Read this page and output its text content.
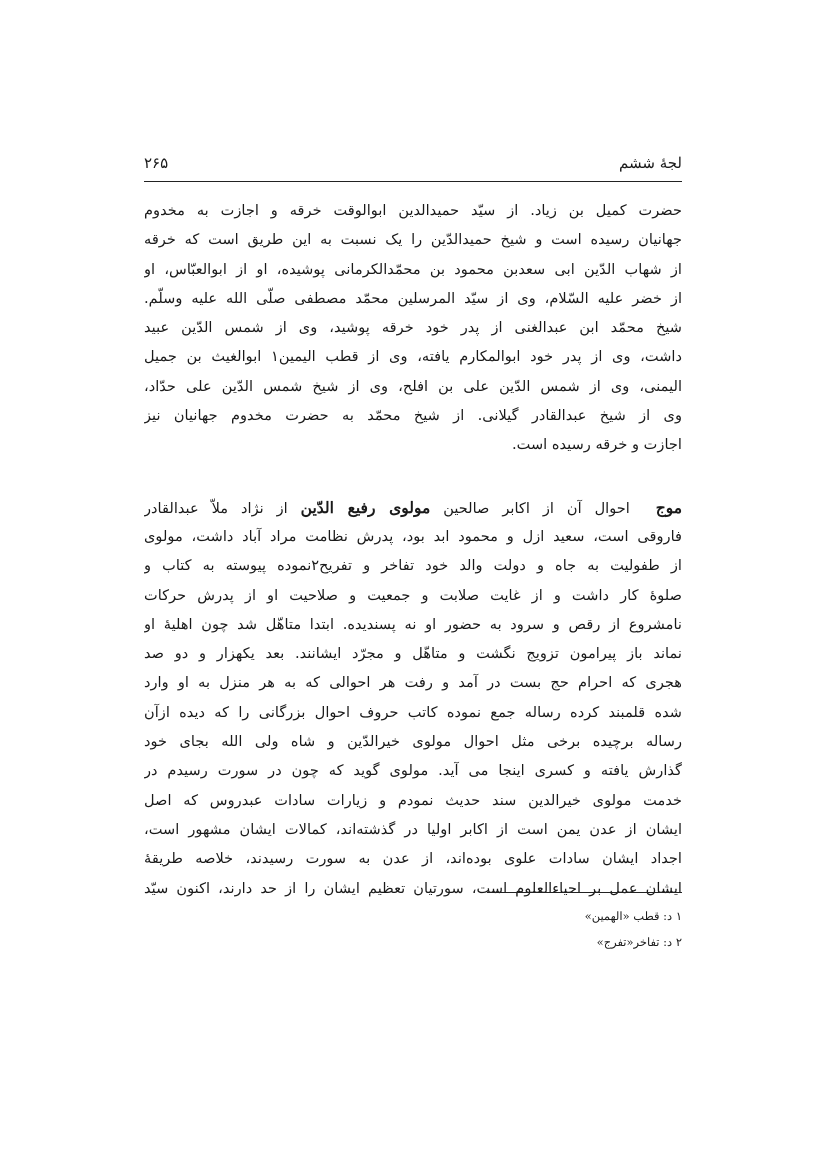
لجۀ ششم
۲۶۵
حضرت کمیل بن زیاد. از سیّد حمیدالدین ابوالوقت خرقه و اجازت به مخدوم
جهانیان رسیده است و شیخ حمیدالدّین را یک نسبت به این طریق است که خرقه
از شهاب الدّین ابی سعدبن محمود بن محمّدالکرمانی پوشیده، او از ابوالعبّاس، او
از خضر علیه السّلام، وی از سیّد المرسلین محمّد مصطفی صلّی الله علیه وسلّم.
شیخ محمّد ابن عبدالغنی از پدر خود خرقه پوشید، وی از شمس الدّین عبید
داشت، وی از پدر خود ابوالمکارم یافته، وی از قطب الیمین۱ ابوالغیث بن جمیل
الیمنی، وی از شمس الدّین علی بن افلح، وی از شیخ شمس الدّین علی حدّاد،
وی از شیخ عبدالقادر گیلانی. از شیخ محمّد به حضرت مخدوم جهانیان نیز
اجازت و خرقه رسیده است.
موج  احوال آن از اکابر صالحین مولوی رفیع الدّین از نژاد ملاّ عبدالقادر
فاروقی است، سعید ازل و محمود ابد بود، پدرش نظامت مراد آباد داشت، مولوی
از طفولیت به جاه و دولت والد خود تفاخر و تفریح۲نموده پیوسته به کتاب و
صلوۀ کار داشت و از غایت صلابت و جمعیت و صلاحیت او از پدرش حرکات
نامشروع از رقص و سرود به حضور او نه پسندیده. ابتدا متاهّل شد چون اهلیۀ او
نماند باز پیرامون تزویج نگشت و متاهّل و مجرّد ایشانند. بعد یکهزار و دو صد
هجری که احرام حج بست در آمد و رفت هر احوالی که به هر منزل به او وارد
شده قلمبند کرده رساله جمع نموده کاتب حروف احوال بزرگانی را که دیده ازآن
رساله برچیده برخی مثل احوال مولوی خیرالدّین و شاه ولی الله بجای خود
گذارش یافته و کسری اینجا می آید. مولوی گوید که چون در سورت رسیدم در
خدمت مولوی خیرالدین سند حدیث نمودم و زیارات سادات عبدروس که اصل
ایشان از عدن یمن است از اکابر اولیا در گذشته‌اند، کمالات ایشان مشهور است،
اجداد ایشان سادات علوی بوده‌اند، از عدن به سورت رسیدند، خلاصه طریقۀ
ایشان عمل بر احیاءالعلوم است، سورتیان تعظیم ایشان را از حد دارند، اکنون سیّد
۱ د: قطب «الهمین»
۲ د: تفاخر«تفرج»
